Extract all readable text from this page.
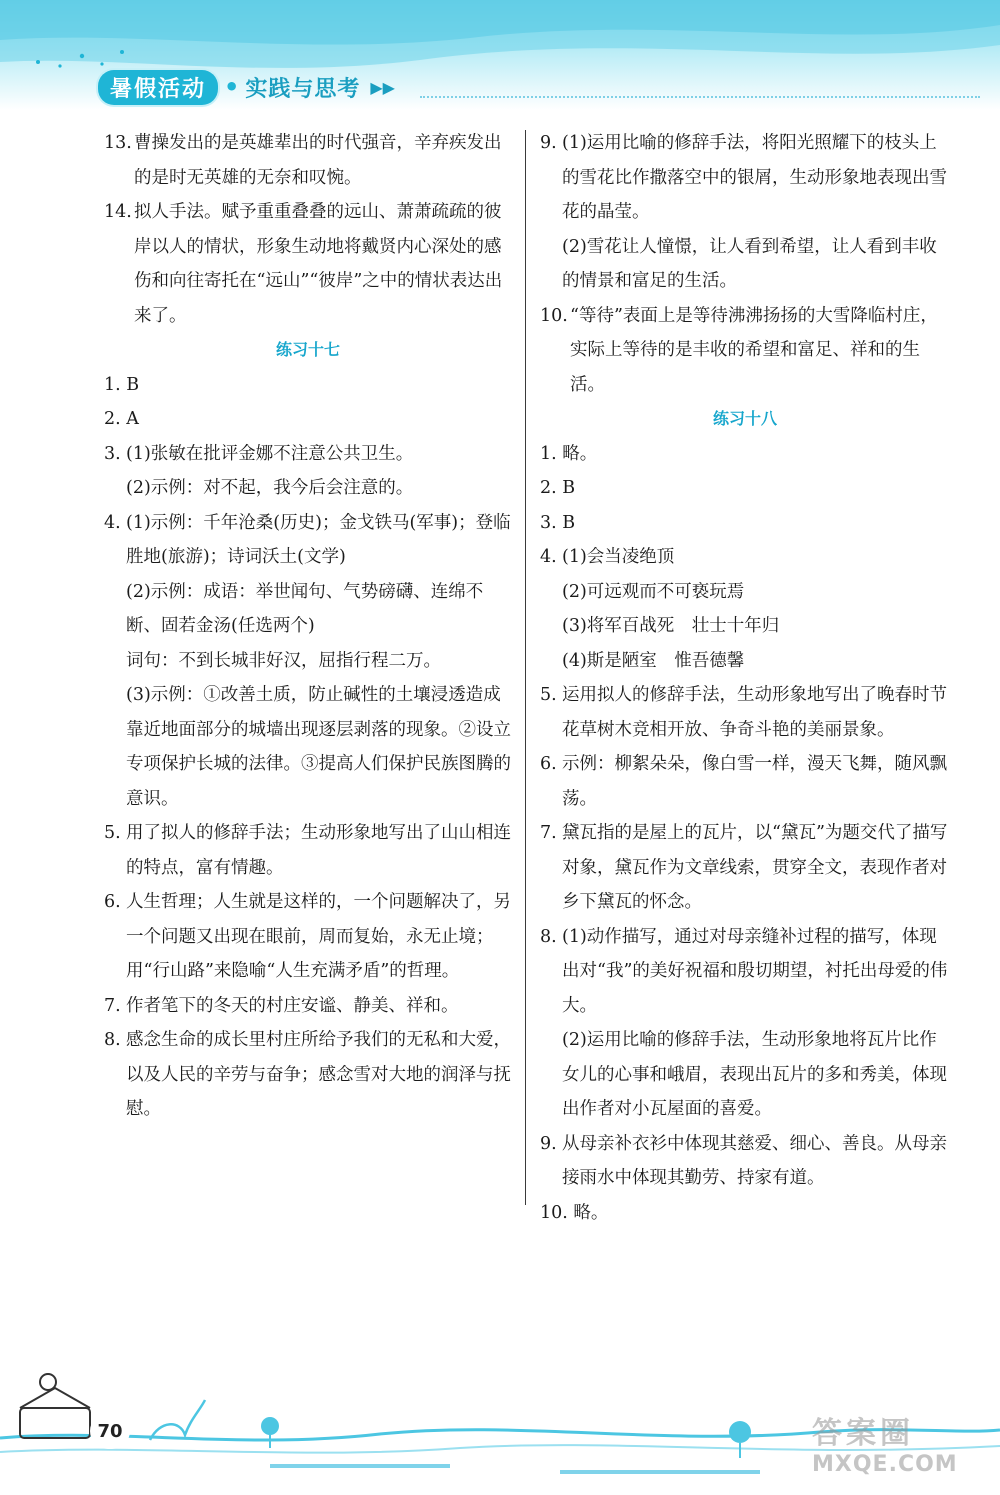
暑假活动 • 实践与思考 ▶▶

13. 曹操发出的是英雄辈出的时代强音，辛弃疾发出的是时无英雄的无奈和叹惋。

14. 拟人手法。赋予重重叠叠的远山、萧萧疏疏的彼岸以人的情状，形象生动地将戴贤内心深处的感伤和向往寄托在“远山”“彼岸”之中的情状表达出来了。

练习十七

1. B

2. A

3. (1)张敏在批评金娜不注意公共卫生。

(2)示例：对不起，我今后会注意的。

4. (1)示例：千年沧桑(历史)；金戈铁马(军事)；登临胜地(旅游)；诗词沃土(文学)

(2)示例：成语：举世闻句、气势磅礴、连绵不断、固若金汤(任选两个)

词句：不到长城非好汉，屈指行程二万。

(3)示例：①改善土质，防止碱性的土壤浸透造成靠近地面部分的城墙出现逐层剥落的现象。②设立专项保护长城的法律。③提高人们保护民族图腾的意识。

5. 用了拟人的修辞手法；生动形象地写出了山山相连的特点，富有情趣。

6. 人生哲理；人生就是这样的，一个问题解决了，另一个问题又出现在眼前，周而复始，永无止境；用“行山路”来隐喻“人生充满矛盾”的哲理。

7. 作者笔下的冬天的村庄安谧、静美、祥和。

8. 感念生命的成长里村庄所给予我们的无私和大爱，以及人民的辛劳与奋争；感念雪对大地的润泽与抚慰。

9. (1)运用比喻的修辞手法，将阳光照耀下的枝头上的雪花比作撒落空中的银屑，生动形象地表现出雪花的晶莹。

(2)雪花让人憧憬，让人看到希望，让人看到丰收的情景和富足的生活。

10. “等待”表面上是等待沸沸扬扬的大雪降临村庄，实际上等待的是丰收的希望和富足、祥和的生活。

练习十八

1. 略。

2. B

3. B

4. (1)会当凌绝顶

(2)可远观而不可亵玩焉

(3)将军百战死　壮士十年归

(4)斯是陋室　惟吾德馨

5. 运用拟人的修辞手法，生动形象地写出了晚春时节花草树木竞相开放、争奇斗艳的美丽景象。

6. 示例：柳絮朵朵，像白雪一样，漫天飞舞，随风飘荡。

7. 黛瓦指的是屋上的瓦片，以“黛瓦”为题交代了描写对象，黛瓦作为文章线索，贯穿全文，表现作者对乡下黛瓦的怀念。

8. (1)动作描写，通过对母亲缝补过程的描写，体现出对“我”的美好祝福和殷切期望，衬托出母爱的伟大。

(2)运用比喻的修辞手法，生动形象地将瓦片比作女儿的心事和峨眉，表现出瓦片的多和秀美，体现出作者对小瓦屋面的喜爱。

9. 从母亲补衣衫中体现其慈爱、细心、善良。从母亲接雨水中体现其勤劳、持家有道。

10. 略。

70	答案圈
MXQE.COM
